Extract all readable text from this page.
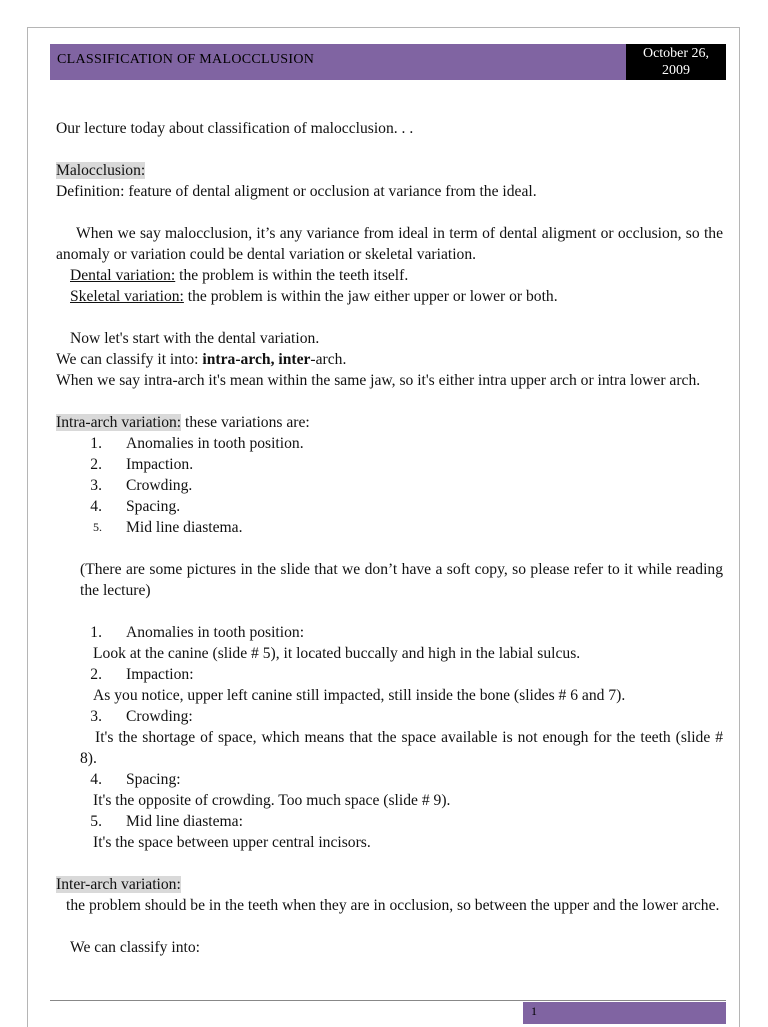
CLASSIFICATION OF MALOCCLUSION	October 26,
2009

Our lecture today about classification of malocclusion. . .

Malocclusion:

Definition: feature of dental aligment or occlusion at variance from the ideal.

When we say malocclusion, it’s any variance from ideal in term of dental aligment or occlusion, so the anomaly or variation could be dental variation or skeletal variation.

Dental variation: the problem is within the teeth itself.

Skeletal variation: the problem is within the jaw either upper or lower or both.

Now let's start with the dental variation.

We can classify it into: intra-arch, inter-arch.

When we say intra-arch it's mean within the same jaw, so it's either intra upper arch or intra lower arch.

Intra-arch variation: these variations are:

1.	Anomalies in tooth position.
2.	Impaction.
3.	Crowding.
4.	Spacing.
5.	Mid line diastema.

(There are some pictures in the slide that we don’t have a soft copy, so please refer to it while reading the lecture)

1.	Anomalies in tooth position:

Look at the canine (slide # 5), it located buccally and high in the labial sulcus.

2.	Impaction:

As you notice, upper left canine still impacted, still inside the bone (slides # 6 and 7).

3.	Crowding:

It's the shortage of space, which means that the space available is not enough for the teeth (slide # 8).

4.	Spacing:

It's the opposite of crowding. Too much space (slide # 9).

5.	Mid line diastema:

It's the space between upper central incisors.

Inter-arch variation:

the problem should be in the teeth when they are in occlusion, so between the upper and the lower arche.

We can classify into:

1
